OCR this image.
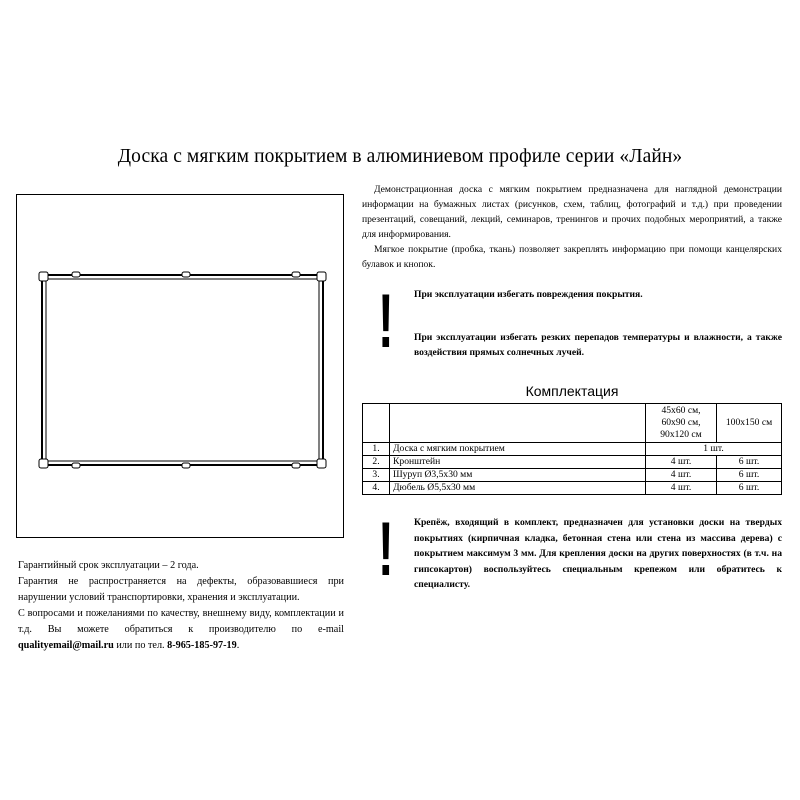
Доска с мягким покрытием в алюминиевом профиле серии «Лайн»

Демонстрационная доска с мягким покрытием предназначена для наглядной демонстрации информации на бумажных листах (рисунков, схем, таблиц, фотографий и т.д.) при проведении презентаций, совещаний, лекций, семинаров, тренингов и прочих подобных мероприятий, а также для информирования.

Мягкое покрытие (пробка, ткань) позволяет закреплять информацию при помощи канцелярских булавок и кнопок.

! При эксплуатации избегать повреждения покрытия.
При эксплуатации избегать резких перепадов температуры и влажности, а также воздействия прямых солнечных лучей.
Комплектация
		45х60 см, 60х90 см, 90х120 см	100х150 см
1.	Доска с мягким покрытием	1 шт.	
2.	Кронштейн	4 шт.	6 шт.
3.	Шуруп Ø3,5х30 мм	4 шт.	6 шт.
4.	Дюбель Ø5,5х30 мм	4 шт.	6 шт.
! Крепёж, входящий в комплект, предназначен для установки доски на твердых покрытиях (кирпичная кладка, бетонная стена или стена из массива дерева) с покрытием максимум 3 мм. Для крепления доски на других поверхностях (в т.ч. на гипсокартон) воспользуйтесь специальным крепежом или обратитесь к специалисту.

Гарантийный срок эксплуатации – 2 года.

Гарантия не распространяется на дефекты, образовавшиеся при нарушении условий транспортировки, хранения и эксплуатации.

С вопросами и пожеланиями по качеству, внешнему виду, комплектации и т.д. Вы можете обратиться к производителю по e-mail qualityemail@mail.ru или по тел. 8-965-185-97-19.
